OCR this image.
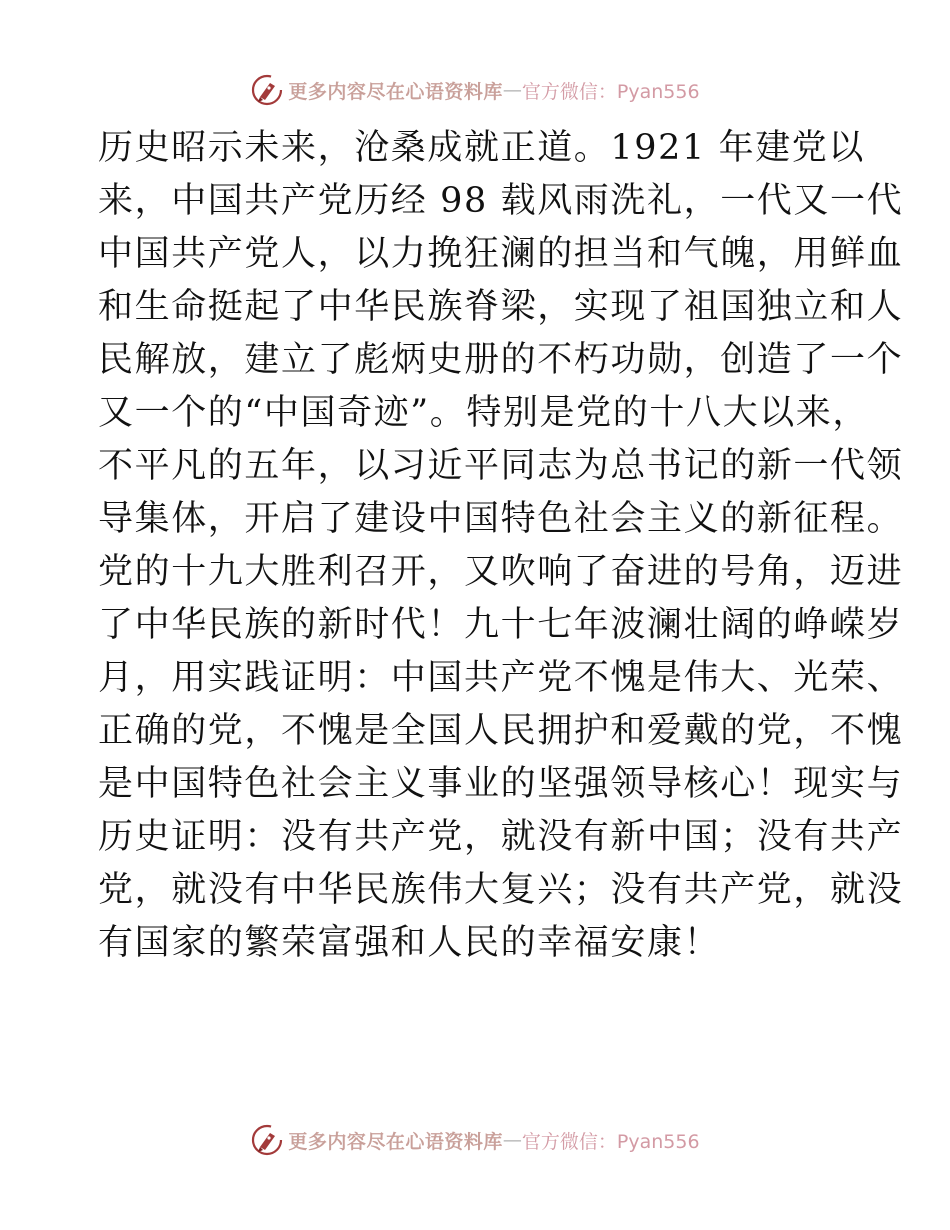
更多内容尽在心语资料库 — 官方微信：Pyan556
历史昭示未来，沧桑成就正道。1921 年建党以
来，中国共产党历经 98 载风雨洗礼，一代又一代
中国共产党人，以力挽狂澜的担当和气魄，用鲜血
和生命挺起了中华民族脊梁，实现了祖国独立和人
民解放，建立了彪炳史册的不朽功勋，创造了一个
又一个的“中国奇迹”。特别是党的十八大以来，
不平凡的五年，以习近平同志为总书记的新一代领
导集体，开启了建设中国特色社会主义的新征程。
党的十九大胜利召开，又吹响了奋进的号角，迈进
了中华民族的新时代！九十七年波澜壮阔的峥嵘岁
月，用实践证明：中国共产党不愧是伟大、光荣、
正确的党，不愧是全国人民拥护和爱戴的党，不愧
是中国特色社会主义事业的坚强领导核心！现实与
历史证明：没有共产党，就没有新中国；没有共产
党，就没有中华民族伟大复兴；没有共产党，就没
有国家的繁荣富强和人民的幸福安康！
更多内容尽在心语资料库 — 官方微信：Pyan556
